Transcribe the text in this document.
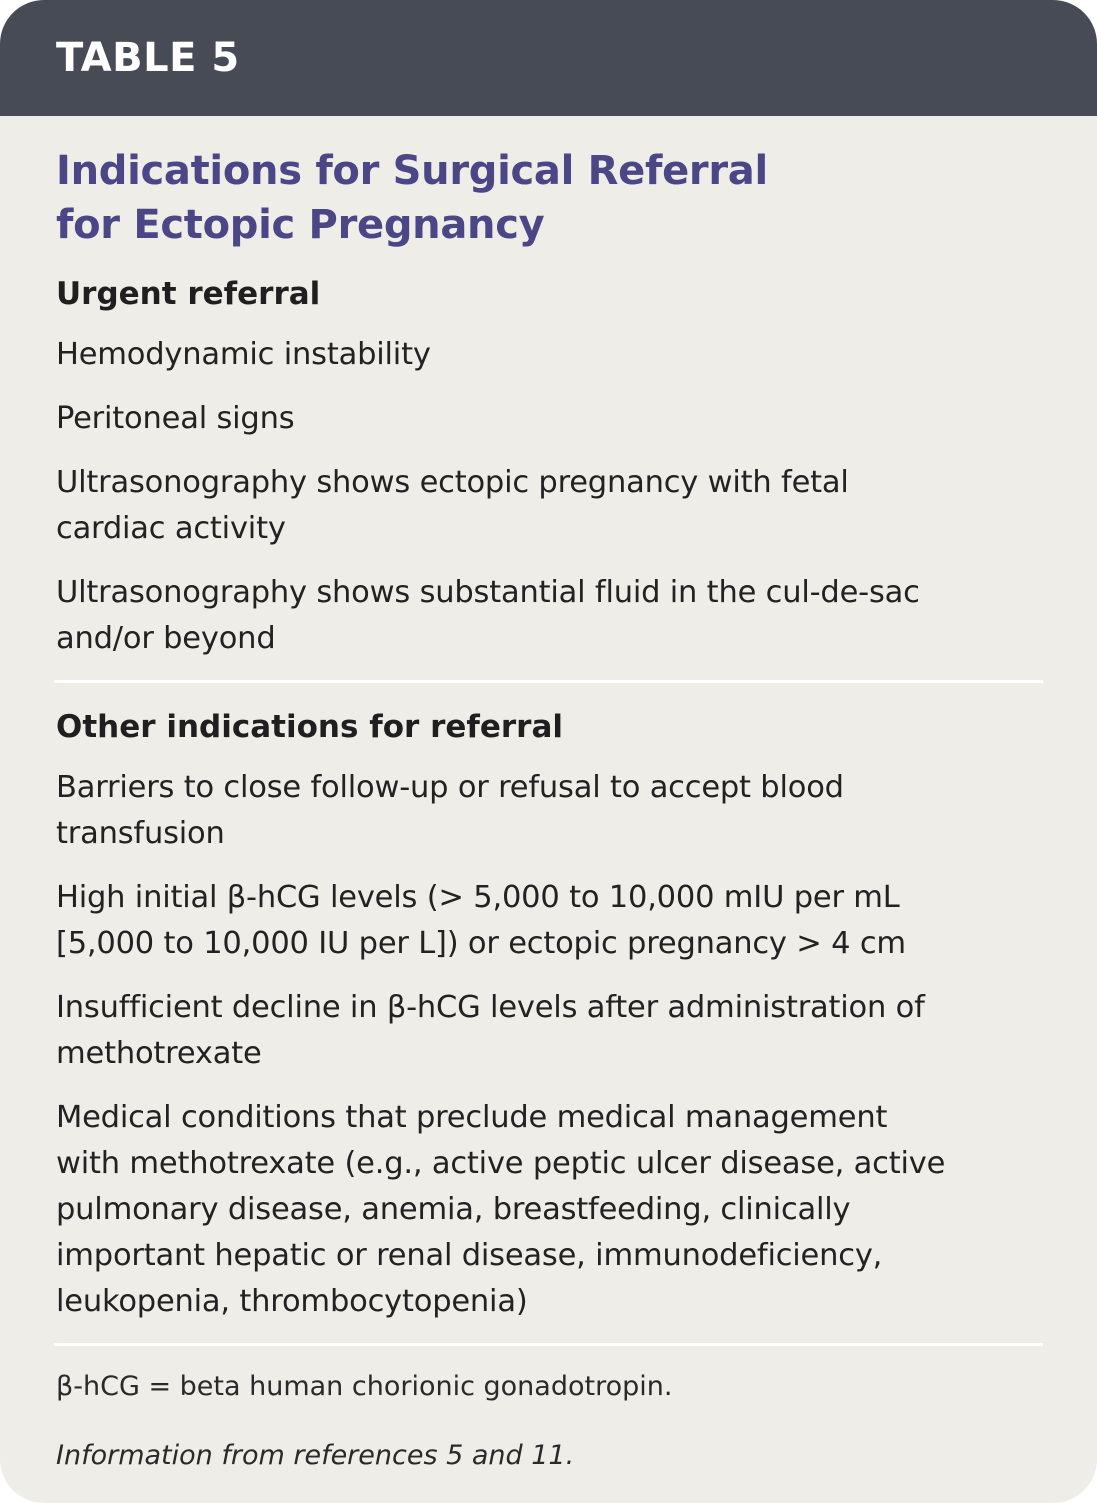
TABLE 5
Indications for Surgical Referral
for Ectopic Pregnancy
Urgent referral

Hemodynamic instability

Peritoneal signs

Ultrasonography shows ectopic pregnancy with fetal
cardiac activity

Ultrasonography shows substantial fluid in the cul-de-sac
and/or beyond

Other indications for referral

Barriers to close follow-up or refusal to accept blood
transfusion

High initial β-hCG levels (> 5,000 to 10,000 mIU per mL
[5,000 to 10,000 IU per L]) or ectopic pregnancy > 4 cm

Insufficient decline in β-hCG levels after administration of
methotrexate

Medical conditions that preclude medical management
with methotrexate (e.g., active peptic ulcer disease, active
pulmonary disease, anemia, breastfeeding, clinically
important hepatic or renal disease, immunodeficiency,
leukopenia, thrombocytopenia)

β-hCG = beta human chorionic gonadotropin.

Information from references 5 and 11.
